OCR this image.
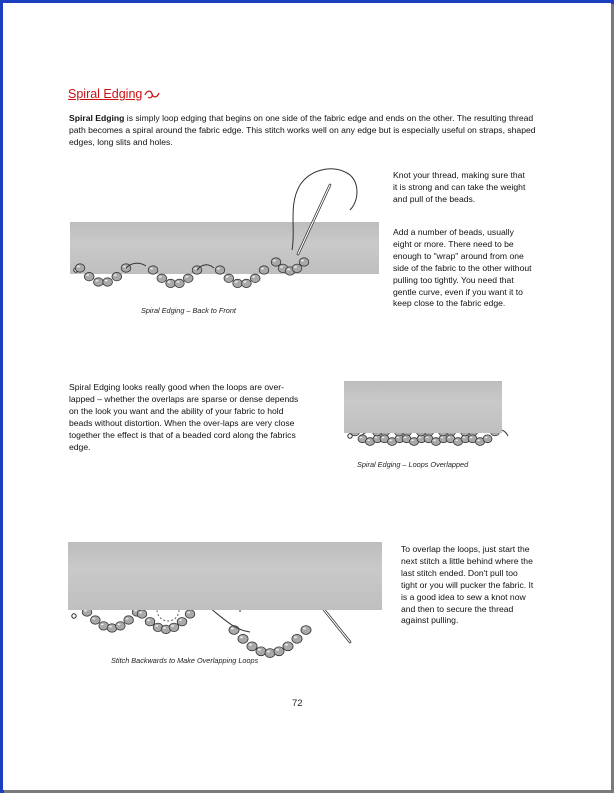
Spiral Edging
Spiral Edging is simply loop edging that begins on one side of the fabric edge and ends on the other. The resulting thread path becomes a spiral around the fabric edge. This stitch works well on any edge but is especially useful on straps, shaped edges, long slits and holes.
Spiral Edging – Back to Front
Knot your thread, making sure that it is strong and can take the weight and pull of the beads.
Add a number of beads, usually eight or more. There need to be enough to "wrap" around from one side of the fabric to the other without pulling too tightly. You need that gentle curve, even if you want it to keep close to the fabric edge.
Spiral Edging looks really good when the loops are over-lapped – whether the overlaps are sparse or dense depends on the look you want and the ability of your fabric to hold beads without distortion. When the over-laps are very close together the effect is that of a beaded cord along the fabrics edge.
Spiral Edging – Loops Overlapped
Stitch Backwards to Make Overlapping Loops
To overlap the loops, just start the next stitch a little behind where the last stitch ended. Don't pull too tight or you will pucker the fabric. It is a good idea to sew a knot now and then to secure the thread against pulling.
72
